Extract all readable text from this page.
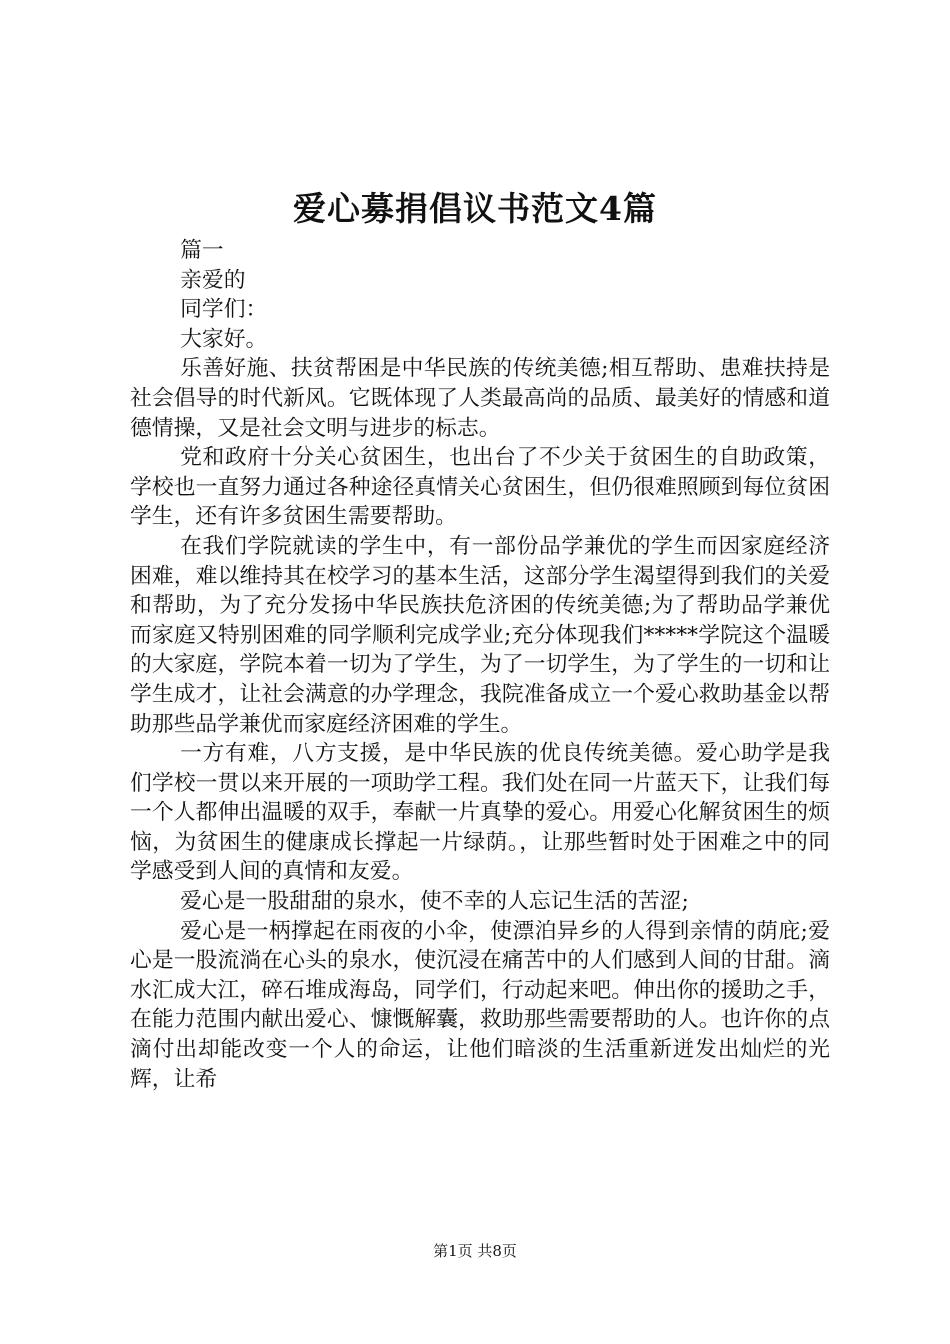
爱心募捐倡议书范文4篇

篇一

亲爱的

同学们：

大家好。

乐善好施、扶贫帮困是中华民族的传统美德;相互帮助、患难扶持是社会倡导的时代新风。它既体现了人类最高尚的品质、最美好的情感和道德情操，又是社会文明与进步的标志。

党和政府十分关心贫困生，也出台了不少关于贫困生的自助政策，学校也一直努力通过各种途径真情关心贫困生，但仍很难照顾到每位贫困学生，还有许多贫困生需要帮助。

在我们学院就读的学生中，有一部份品学兼优的学生而因家庭经济困难，难以维持其在校学习的基本生活，这部分学生渴望得到我们的关爱和帮助，为了充分发扬中华民族扶危济困的传统美德;为了帮助品学兼优而家庭又特别困难的同学顺利完成学业;充分体现我们*****学院这个温暖的大家庭，学院本着一切为了学生，为了一切学生，为了学生的一切和让学生成才，让社会满意的办学理念，我院准备成立一个爱心救助基金以帮助那些品学兼优而家庭经济困难的学生。

一方有难，八方支援，是中华民族的优良传统美德。爱心助学是我们学校一贯以来开展的一项助学工程。我们处在同一片蓝天下，让我们每一个人都伸出温暖的双手，奉献一片真挚的爱心。用爱心化解贫困生的烦恼，为贫困生的健康成长撑起一片绿荫。，让那些暂时处于困难之中的同学感受到人间的真情和友爱。

爱心是一股甜甜的泉水，使不幸的人忘记生活的苦涩;

爱心是一柄撑起在雨夜的小伞，使漂泊异乡的人得到亲情的荫庇;爱心是一股流淌在心头的泉水，使沉浸在痛苦中的人们感到人间的甘甜。滴水汇成大江，碎石堆成海岛，同学们，行动起来吧。伸出你的援助之手，在能力范围内献出爱心、慷慨解囊，救助那些需要帮助的人。也许你的点滴付出却能改变一个人的命运，让他们暗淡的生活重新迸发出灿烂的光辉，让希

第1页 共8页
